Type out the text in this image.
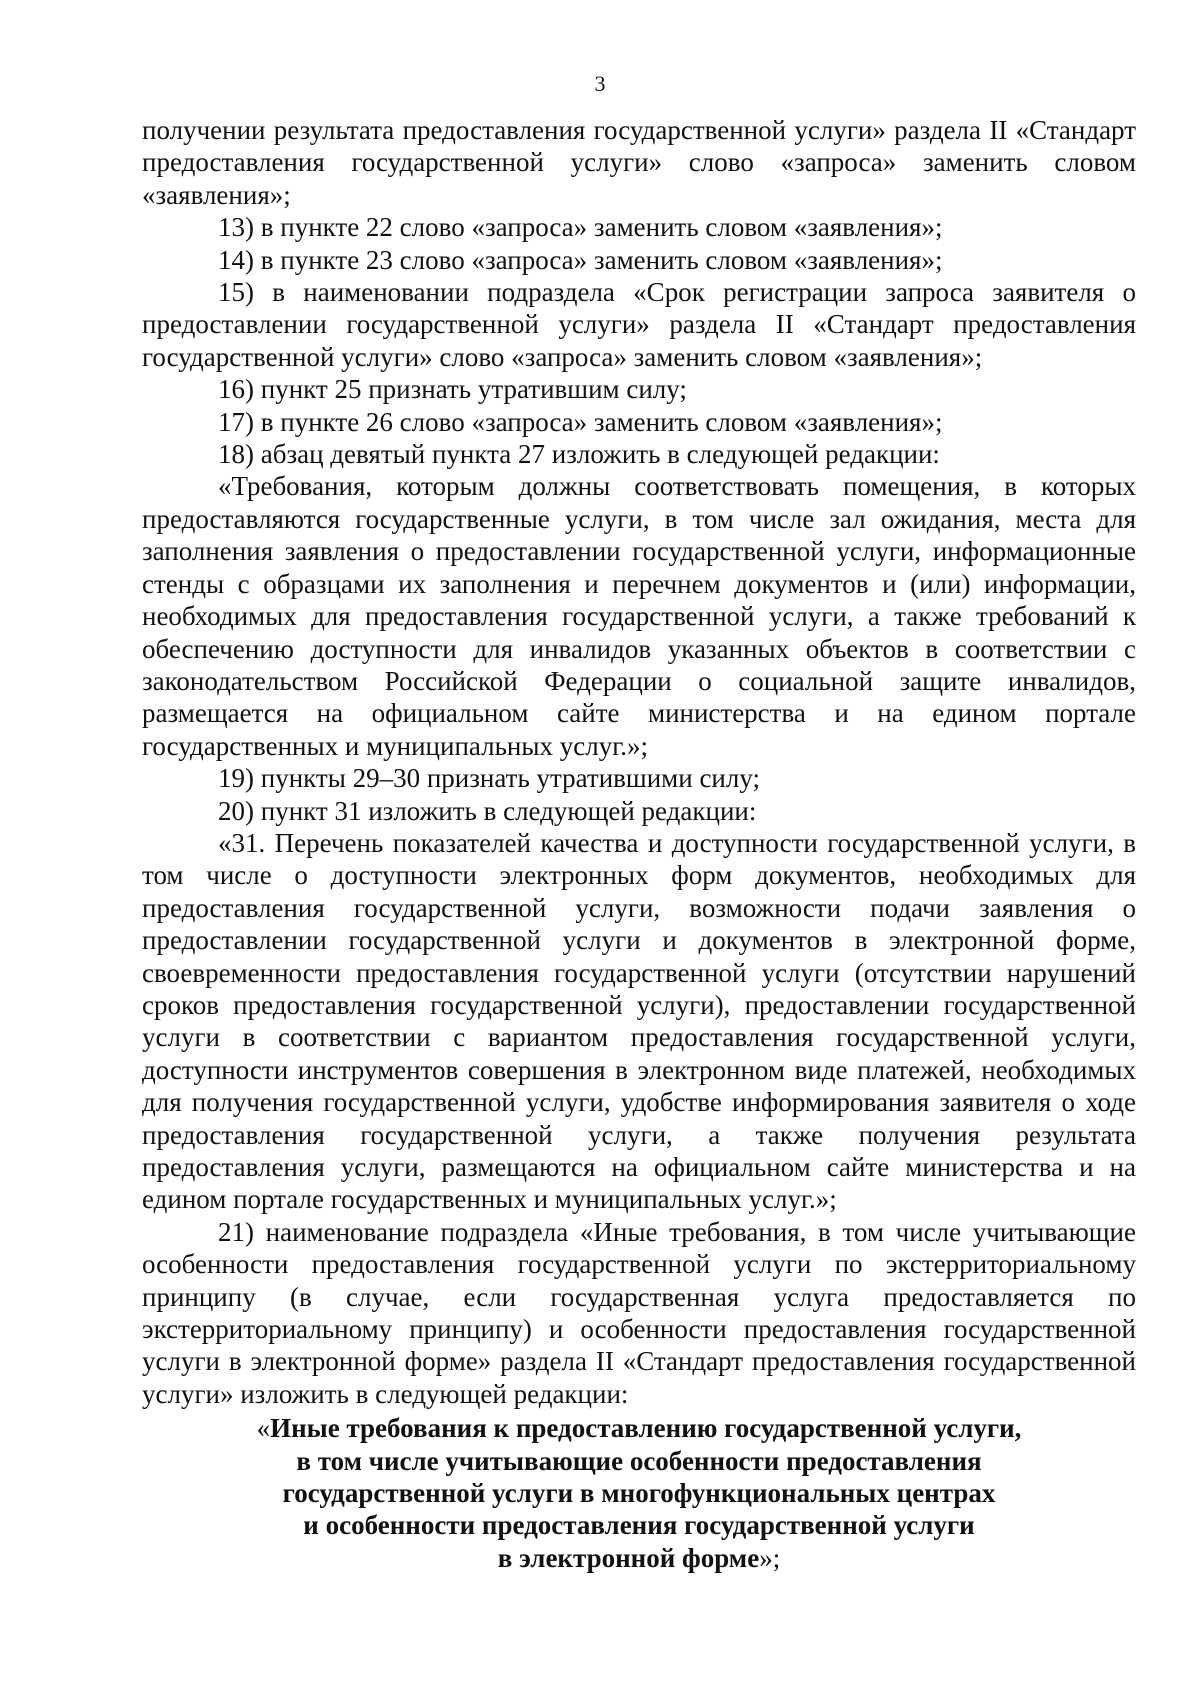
3

получении результата предоставления государственной услуги» раздела II «Стандарт предоставления государственной услуги» слово «запроса» заменить словом «заявления»;

13) в пункте 22 слово «запроса» заменить словом «заявления»;

14) в пункте 23 слово «запроса» заменить словом «заявления»;

15) в наименовании подраздела «Срок регистрации запроса заявителя о предоставлении государственной услуги» раздела II «Стандарт предоставления государственной услуги» слово «запроса» заменить словом «заявления»;

16) пункт 25 признать утратившим силу;

17) в пункте 26 слово «запроса» заменить словом «заявления»;

18) абзац девятый пункта 27 изложить в следующей редакции:

«Требования, которым должны соответствовать помещения, в которых предоставляются государственные услуги, в том числе зал ожидания, места для заполнения заявления о предоставлении государственной услуги, информационные стенды с образцами их заполнения и перечнем документов и (или) информации, необходимых для предоставления государственной услуги, а также требований к обеспечению доступности для инвалидов указанных объектов в соответствии с законодательством Российской Федерации о социальной защите инвалидов, размещается на официальном сайте министерства и на едином портале государственных и муниципальных услуг.»;

19) пункты 29–30 признать утратившими силу;

20) пункт 31 изложить в следующей редакции:

«31. Перечень показателей качества и доступности государственной услуги, в том числе о доступности электронных форм документов, необходимых для предоставления государственной услуги, возможности подачи заявления о предоставлении государственной услуги и документов в электронной форме, своевременности предоставления государственной услуги (отсутствии нарушений сроков предоставления государственной услуги), предоставлении государственной услуги в соответствии с вариантом предоставления государственной услуги, доступности инструментов совершения в электронном виде платежей, необходимых для получения государственной услуги, удобстве информирования заявителя о ходе предоставления государственной услуги, а также получения результата предоставления услуги, размещаются на официальном сайте министерства и на едином портале государственных и муниципальных услуг.»;

21) наименование подраздела «Иные требования, в том числе учитывающие особенности предоставления государственной услуги по экстерриториальному принципу (в случае, если государственная услуга предоставляется по экстерриториальному принципу) и особенности предоставления государственной услуги в электронной форме» раздела II «Стандарт предоставления государственной услуги» изложить в следующей редакции:

«Иные требования к предоставлению государственной услуги,
в том числе учитывающие особенности предоставления
государственной услуги в многофункциональных центрах
и особенности предоставления государственной услуги
в электронной форме»;
